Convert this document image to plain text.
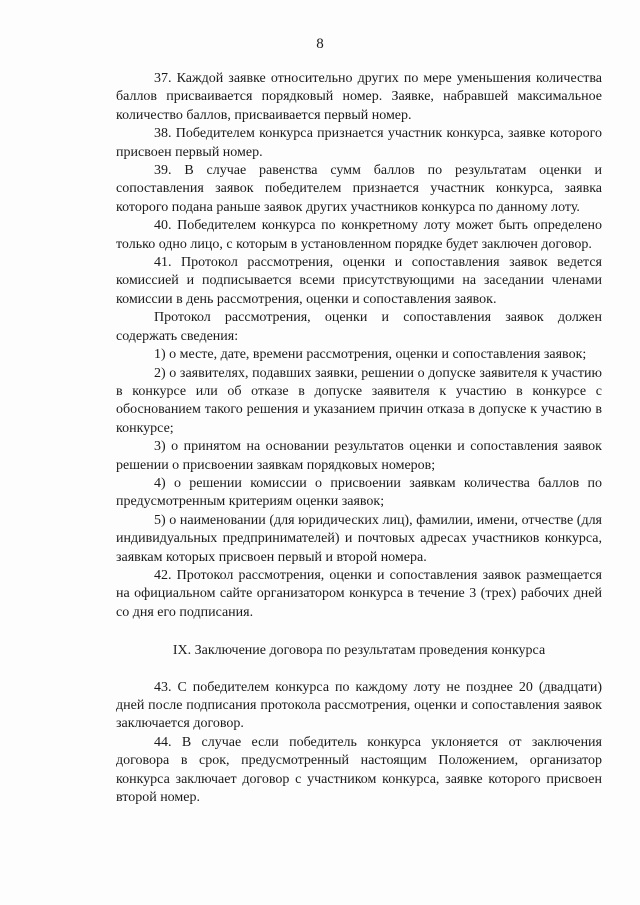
8

37. Каждой заявке относительно других по мере уменьшения количества баллов присваивается порядковый номер. Заявке, набравшей максимальное количество баллов, присваивается первый номер.

38. Победителем конкурса признается участник конкурса, заявке которого присвоен первый номер.

39. В случае равенства сумм баллов по результатам оценки и сопоставления заявок победителем признается участник конкурса, заявка которого подана раньше заявок других участников конкурса по данному лоту.

40. Победителем конкурса по конкретному лоту может быть определено только одно лицо, с которым в установленном порядке будет заключен договор.

41. Протокол рассмотрения, оценки и сопоставления заявок ведется комиссией и подписывается всеми присутствующими на заседании членами комиссии в день рассмотрения, оценки и сопоставления заявок.

Протокол рассмотрения, оценки и сопоставления заявок должен содержать сведения:

1) о месте, дате, времени рассмотрения, оценки и сопоставления заявок;

2) о заявителях, подавших заявки, решении о допуске заявителя к участию в конкурсе или об отказе в допуске заявителя к участию в конкурсе с обоснованием такого решения и указанием причин отказа в допуске к участию в конкурсе;

3) о принятом на основании результатов оценки и сопоставления заявок решении о присвоении заявкам порядковых номеров;

4) о решении комиссии о присвоении заявкам количества баллов по предусмотренным критериям оценки заявок;

5) о наименовании (для юридических лиц), фамилии, имени, отчестве (для индивидуальных предпринимателей) и почтовых адресах участников конкурса, заявкам которых присвоен первый и второй номера.

42. Протокол рассмотрения, оценки и сопоставления заявок размещается на официальном сайте организатором конкурса в течение 3 (трех) рабочих дней со дня его подписания.

IX. Заключение договора по результатам проведения конкурса

43. С победителем конкурса по каждому лоту не позднее 20 (двадцати) дней после подписания протокола рассмотрения, оценки и сопоставления заявок заключается договор.

44. В случае если победитель конкурса уклоняется от заключения договора в срок, предусмотренный настоящим Положением, организатор конкурса заключает договор с участником конкурса, заявке которого присвоен второй номер.
